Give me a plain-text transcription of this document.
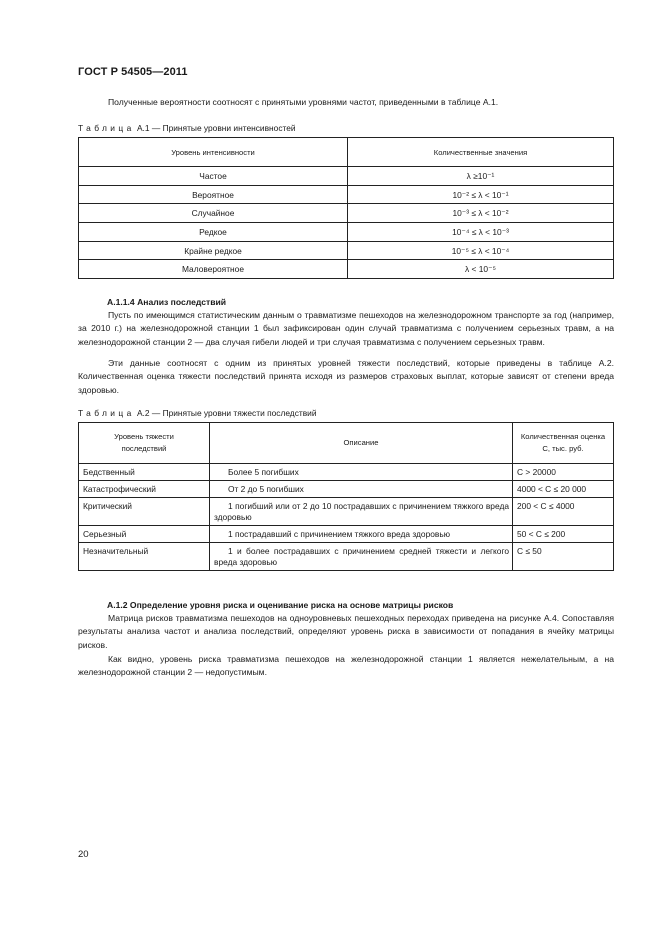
ГОСТ Р 54505—2011
Полученные вероятности соотносят с принятыми уровнями частот, приведенными в таблице А.1.
Таблица А.1 — Принятые уровни интенсивностей
Уровень интенсивности	Количественные значения
Частое	λ ≥10⁻¹
Вероятное	10⁻² ≤ λ < 10⁻¹
Случайное	10⁻³ ≤ λ < 10⁻²
Редкое	10⁻⁴ ≤ λ < 10⁻³
Крайне редкое	10⁻⁵ ≤ λ < 10⁻⁴
Маловероятное	λ < 10⁻⁵
А.1.1.4 Анализ последствий
Пусть по имеющимся статистическим данным о травматизме пешеходов на железнодорожном транспорте за год (например, за 2010 г.) на железнодорожной станции 1 был зафиксирован один случай травматизма с получением серьезных травм, а на железнодорожной станции 2 — два случая гибели людей и три случая травматизма с получением серьезных травм.
Эти данные соотносят с одним из принятых уровней тяжести последствий, которые приведены в таблице А.2. Количественная оценка тяжести последствий принята исходя из размеров страховых выплат, которые зависят от степени вреда здоровью.
Таблица А.2 — Принятые уровни тяжести последствий
Уровень тяжести последствий	Описание	Количественная оценка С, тыс. руб.
Бедственный	Более 5 погибших	С > 20000
Катастрофический	От 2 до 5 погибших	4000 < С ≤ 20 000
Критический	1 погибший или от 2 до 10 пострадавших с причинением тяжкого вреда здоровью	200 < С ≤ 4000
Серьезный	1 пострадавший с причинением тяжкого вреда здоровью	50 < С ≤ 200
Незначительный	1 и более пострадавших с причинением средней тяжести и легкого вреда здоровью	С ≤ 50
А.1.2 Определение уровня риска и оценивание риска на основе матрицы рисков
Матрица рисков травматизма пешеходов на одноуровневых пешеходных переходах приведена на рисунке А.4. Сопоставляя результаты анализа частот и анализа последствий, определяют уровень риска в зависимости от попадания в ячейку матрицы рисков.
Как видно, уровень риска травматизма пешеходов на железнодорожной станции 1 является нежелательным, а на железнодорожной станции 2 — недопустимым.
20
